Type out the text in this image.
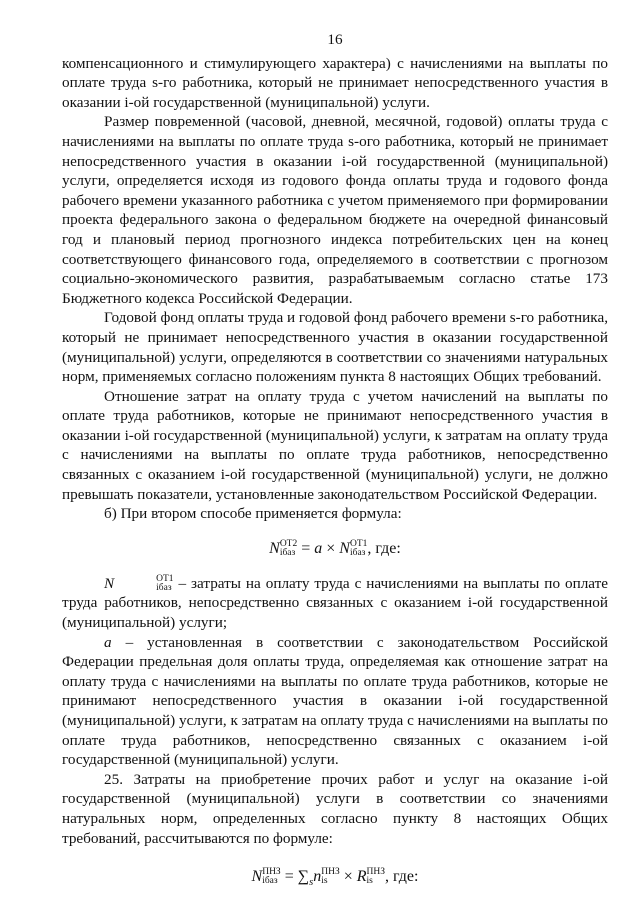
16

компенсационного и стимулирующего характера) с начислениями на выплаты по оплате труда s-го работника, который не принимает непосредственного участия в оказании i-ой государственной (муниципальной) услуги.

Размер повременной (часовой, дневной, месячной, годовой) оплаты труда с начислениями на выплаты по оплате труда s-ого работника, который не принимает непосредственного участия в оказании i-ой государственной (муниципальной) услуги, определяется исходя из годового фонда оплаты труда и годового фонда рабочего времени указанного работника с учетом применяемого при формировании проекта федерального закона о федеральном бюджете на очередной финансовый год и плановый период прогнозного индекса потребительских цен на конец соответствующего финансового года, определяемого в соответствии с прогнозом социально-экономического развития, разрабатываемым согласно статье 173 Бюджетного кодекса Российской Федерации.

Годовой фонд оплаты труда и годовой фонд рабочего времени s-го работника, который не принимает непосредственного участия в оказании государственной (муниципальной) услуги, определяются в соответствии со значениями натуральных норм, применяемых согласно положениям пункта 8 настоящих Общих требований.

Отношение затрат на оплату труда с учетом начислений на выплаты по оплате труда работников, которые не принимают непосредственного участия в оказании i-ой государственной (муниципальной) услуги, к затратам на оплату труда с начислениями на выплаты по оплате труда работников, непосредственно связанных с оказанием i-ой государственной (муниципальной) услуги, не должно превышать показатели, установленные законодательством Российской Федерации.

б) При втором способе применяется формула:

N ОТ2
iбаз = a × N ОТ1
iбаз , где:

N	ОТ1
iбаз – затраты на оплату труда с начислениями на выплаты по оплате труда работников, непосредственно связанных с оказанием i-ой государственной (муниципальной) услуги;

a – установленная в соответствии с законодательством Российской Федерации предельная доля оплаты труда, определяемая как отношение затрат на оплату труда с начислениями на выплаты по оплате труда работников, которые не принимают непосредственного участия в оказании i-ой государственной (муниципальной) услуги, к затратам на оплату труда с начислениями на выплаты по оплате труда работников, непосредственно связанных с оказанием i-ой государственной (муниципальной) услуги.

25. Затраты на приобретение прочих работ и услуг на оказание i-ой государственной (муниципальной) услуги в соответствии со значениями натуральных норм, определенных согласно пункту 8 настоящих Общих требований, рассчитываются по формуле:

N ПНЗ
iбаз = $\sum_sn$ ПНЗ
is × R ПНЗ
is , где:
